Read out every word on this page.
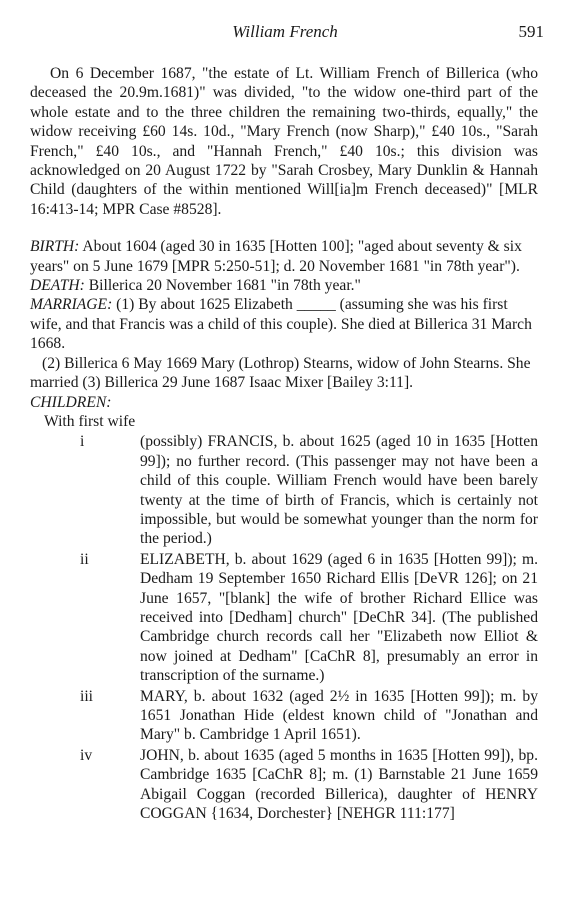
William French	591

On 6 December 1687, "the estate of Lt. William French of Billerica (who deceased the 20.9m.1681)" was divided, "to the widow one-third part of the whole estate and to the three children the remaining two-thirds, equally," the widow receiving £60 14s. 10d., "Mary French (now Sharp)," £40 10s., "Sarah French," £40 10s., and "Hannah French," £40 10s.; this division was acknowledged on 20 August 1722 by "Sarah Crosbey, Mary Dunklin & Hannah Child (daughters of the within mentioned Will[ia]m French deceased)" [MLR 16:413-14; MPR Case #8528].

BIRTH: About 1604 (aged 30 in 1635 [Hotten 100]; "aged about seventy & six years" on 5 June 1679 [MPR 5:250-51]; d. 20 November 1681 "in 78th year").

DEATH: Billerica 20 November 1681 "in 78th year."

MARRIAGE: (1) By about 1625 Elizabeth _____ (assuming she was his first wife, and that Francis was a child of this couple). She died at Billerica 31 March 1668.

(2) Billerica 6 May 1669 Mary (Lothrop) Stearns, widow of John Stearns. She married (3) Billerica 29 June 1687 Isaac Mixer [Bailey 3:11].

CHILDREN:

With first wife

i	(possibly) FRANCIS, b. about 1625 (aged 10 in 1635 [Hotten 99]); no further record. (This passenger may not have been a child of this couple. William French would have been barely twenty at the time of birth of Francis, which is certainly not impossible, but would be somewhat younger than the norm for the period.)
ii	ELIZABETH, b. about 1629 (aged 6 in 1635 [Hotten 99]); m. Dedham 19 September 1650 Richard Ellis [DeVR 126]; on 21 June 1657, "[blank] the wife of brother Richard Ellice was received into [Dedham] church" [DeChR 34]. (The published Cambridge church records call her "Elizabeth now Elliot & now joined at Dedham" [CaChR 8], presumably an error in transcription of the surname.)
iii	MARY, b. about 1632 (aged 2½ in 1635 [Hotten 99]); m. by 1651 Jonathan Hide (eldest known child of "Jonathan and Mary" b. Cambridge 1 April 1651).
iv	JOHN, b. about 1635 (aged 5 months in 1635 [Hotten 99]), bp. Cambridge 1635 [CaChR 8]; m. (1) Barnstable 21 June 1659 Abigail Coggan (recorded Billerica), daughter of HENRY COGGAN {1634, Dorchester} [NEHGR 111:177]
